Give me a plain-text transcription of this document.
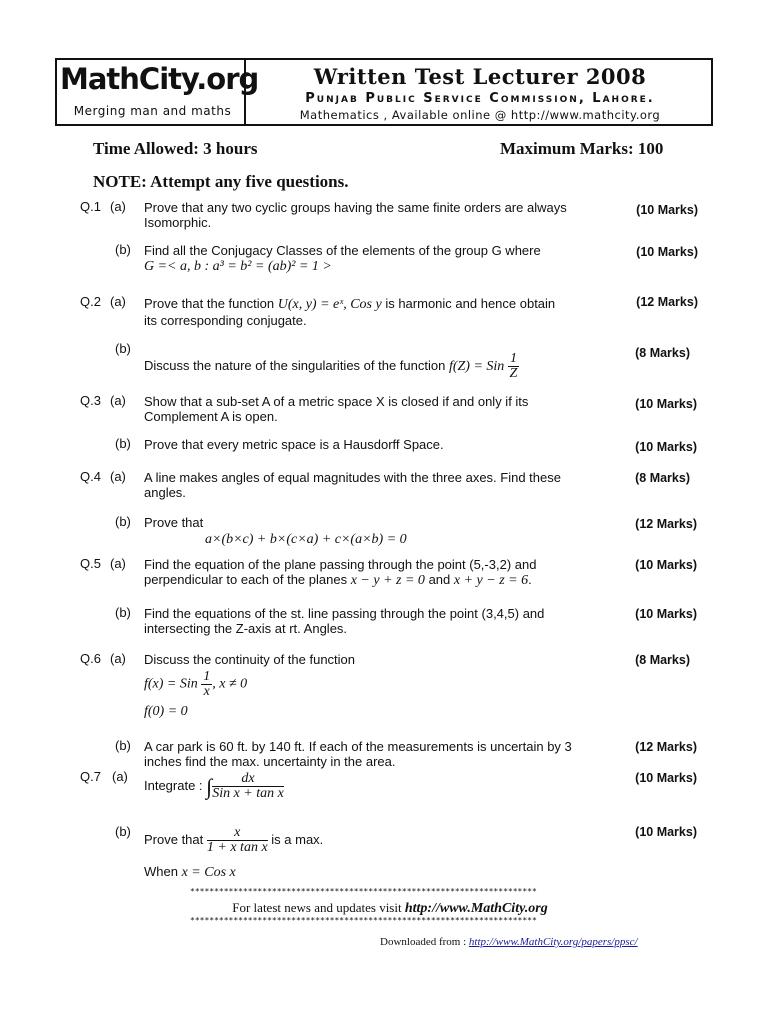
MathCity.org
Merging man and maths
Written Test Lecturer 2008
Punjab Public Service Commission, Lahore.
Mathematics , Available online @ http://www.mathcity.org
Time Allowed: 3 hours	Maximum Marks: 100
NOTE: Attempt any five questions.
Q.1 (a) Prove that any two cyclic groups having the same finite orders are always Isomorphic.
(10 Marks)
(b) Find all the Conjugacy Classes of the elements of the group G where
G =< a, b : a³ = b² = (ab)² = 1 >
(10 Marks)
Q.2 (a) Prove that the function U(x, y) = eˣ, Cos y is harmonic and hence obtain
its corresponding conjugate.
(12 Marks)
(b)
Discuss the nature of the singularities of the function f(Z) = Sin $\frac{1}{Z}$	(8 Marks)
Q.3 (a) Show that a sub-set A of a metric space X is closed if and only if its Complement A is open.
(10 Marks)
(b) Prove that every metric space is a Hausdorff Space.	(10 Marks)
Q.4 (a) A line makes angles of equal magnitudes with the three axes. Find these angles.
(8 Marks)
(b) Prove that
a×(b×c) + b×(c×a) + c×(a×b) = 0
(12 Marks)
Q.5 (a) Find the equation of the plane passing through the point (5,-3,2) and perpendicular to each of the planes x − y + z = 0 and x + y − z = 6.
(10 Marks)
(b) Find the equations of the st. line passing through the point (3,4,5) and intersecting the Z-axis at rt. Angles.
(10 Marks)
Q.6 (a) Discuss the continuity of the function
f(x) = Sin $\frac{1}{x}$ , x ≠ 0
f(0) = 0
(8 Marks)
(b) A car park is 60 ft. by 140 ft. If each of the measurements is uncertain by 3 inches find the max. uncertainty in the area.
(12 Marks)
Q.7 (a)
Integrate : ∫ $\frac{dx}{\text{Sin x + tan x}}$	(10 Marks)
(b)
Prove that $\frac{x}{\text{1 + x tan x}}$ is a max.
When x = Cos x
(10 Marks)
************************************************************************
For latest news and updates visit http://www.MathCity.org
************************************************************************
Downloaded from : http://www.MathCity.org/papers/ppsc/
